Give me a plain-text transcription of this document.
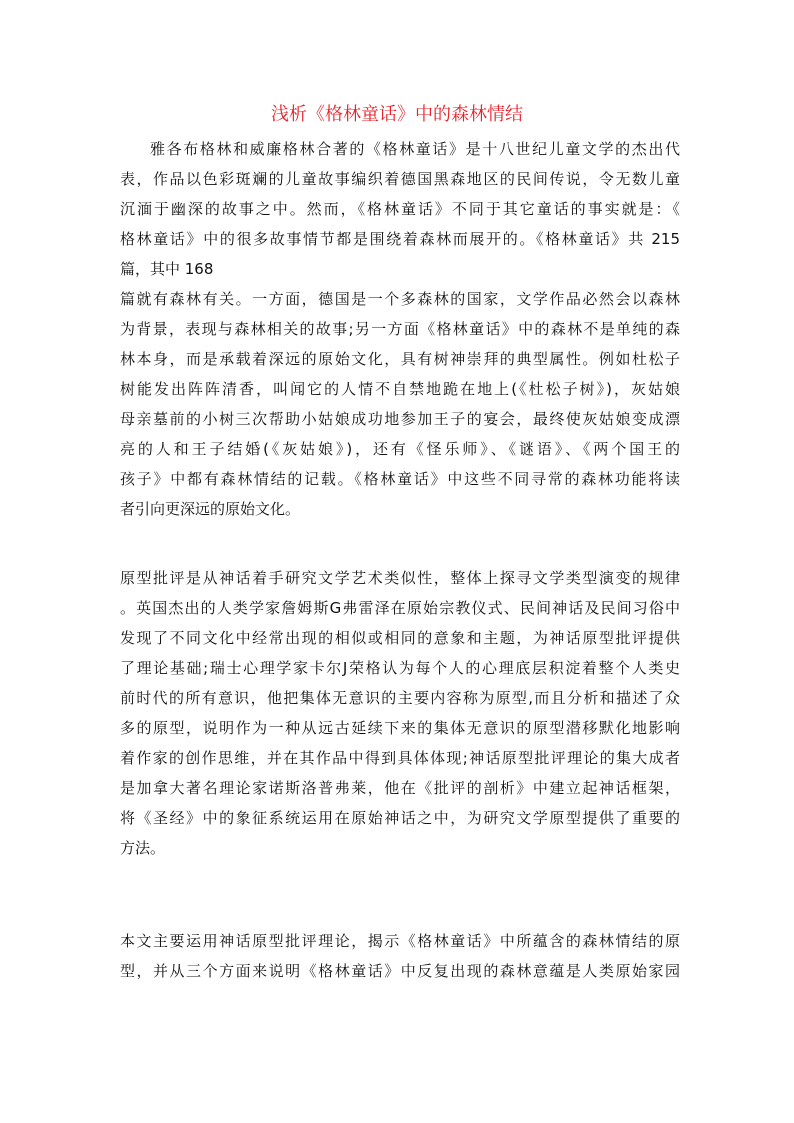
浅析《格林童话》中的森林情结
雅各布格林和威廉格林合著的《格林童话》是十八世纪儿童文学的杰出代
表，作品以色彩斑斓的儿童故事编织着德国黑森地区的民间传说，令无数儿童
沉湎于幽深的故事之中。然而，《格林童话》不同于其它童话的事实就是：《
格林童话》中的很多故事情节都是围绕着森林而展开的。《格林童话》共 215
篇，其中 168
篇就有森林有关。一方面，德国是一个多森林的国家，文学作品必然会以森林
为背景，表现与森林相关的故事;另一方面《格林童话》中的森林不是单纯的森
林本身，而是承载着深远的原始文化，具有树神崇拜的典型属性。例如杜松子
树能发出阵阵清香，叫闻它的人情不自禁地跪在地上(《杜松子树》)，灰姑娘
母亲墓前的小树三次帮助小姑娘成功地参加王子的宴会，最终使灰姑娘变成漂
亮的人和王子结婚(《灰姑娘》)，还有《怪乐师》、《谜语》、《两个国王的
孩子》中都有森林情结的记载。《格林童话》中这些不同寻常的森林功能将读
者引向更深远的原始文化。
原型批评是从神话着手研究文学艺术类似性，整体上探寻文学类型演变的规律
。英国杰出的人类学家詹姆斯G弗雷泽在原始宗教仪式、民间神话及民间习俗中
发现了不同文化中经常出现的相似或相同的意象和主题，为神话原型批评提供
了理论基础;瑞士心理学家卡尔J荣格认为每个人的心理底层积淀着整个人类史
前时代的所有意识，他把集体无意识的主要内容称为原型,而且分析和描述了众
多的原型，说明作为一种从远古延续下来的集体无意识的原型潜移默化地影响
着作家的创作思维，并在其作品中得到具体体现;神话原型批评理论的集大成者
是加拿大著名理论家诺斯洛普弗莱，他在《批评的剖析》中建立起神话框架，
将《圣经》中的象征系统运用在原始神话之中，为研究文学原型提供了重要的
方法。
本文主要运用神话原型批评理论，揭示《格林童话》中所蕴含的森林情结的原
型，并从三个方面来说明《格林童话》中反复出现的森林意蕴是人类原始家园
